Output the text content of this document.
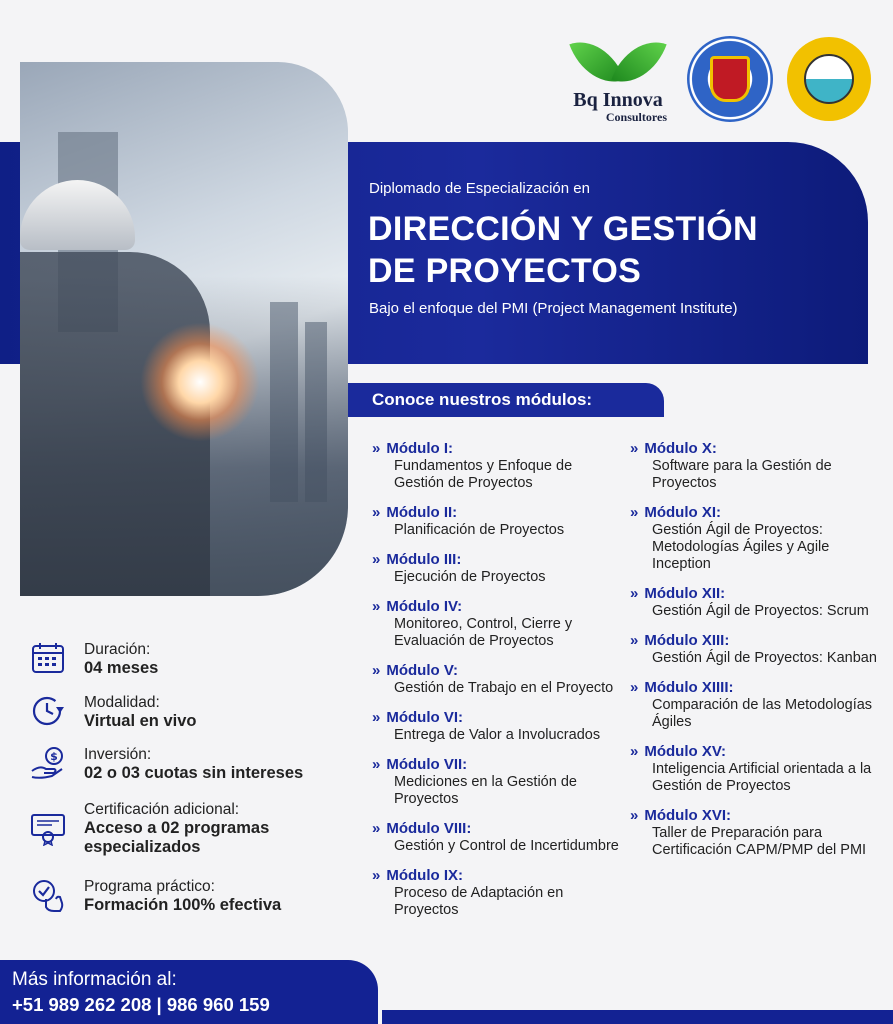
Bq Innova
Consultores
Diplomado de Especialización en
DIRECCIÓN Y GESTIÓN
DE PROYECTOS
Bajo el enfoque del PMI (Project Management Institute)
Conoce nuestros módulos:
» Módulo I:
Fundamentos y Enfoque de Gestión de Proyectos
» Módulo II:
Planificación de Proyectos
» Módulo III:
Ejecución de Proyectos
» Módulo IV:
Monitoreo, Control, Cierre y Evaluación de Proyectos
» Módulo V:
Gestión de Trabajo en el Proyecto
» Módulo VI:
Entrega de Valor a Involucrados
» Módulo VII:
Mediciones en la Gestión de Proyectos
» Módulo VIII:
Gestión y Control de Incertidumbre
» Módulo IX:
Proceso de Adaptación en Proyectos
» Módulo X:
Software para la Gestión de Proyectos
» Módulo XI:
Gestión Ágil de Proyectos: Metodologías Ágiles y Agile Inception
» Módulo XII:
Gestión Ágil de Proyectos: Scrum
» Módulo XIII:
Gestión Ágil de Proyectos: Kanban
» Módulo XIIII:
Comparación de las Metodologías Ágiles
» Módulo XV:
Inteligencia Artificial orientada a la Gestión de Proyectos
» Módulo XVI:
Taller de Preparación para Certificación CAPM/PMP del PMI
Duración:
04 meses
Modalidad:
Virtual en vivo
$ Inversión:
02 o 03 cuotas sin intereses
Certificación adicional:
Acceso a 02 programas especializados
Programa práctico:
Formación 100% efectiva
Más información al:
+51 989 262 208 | 986 960 159
